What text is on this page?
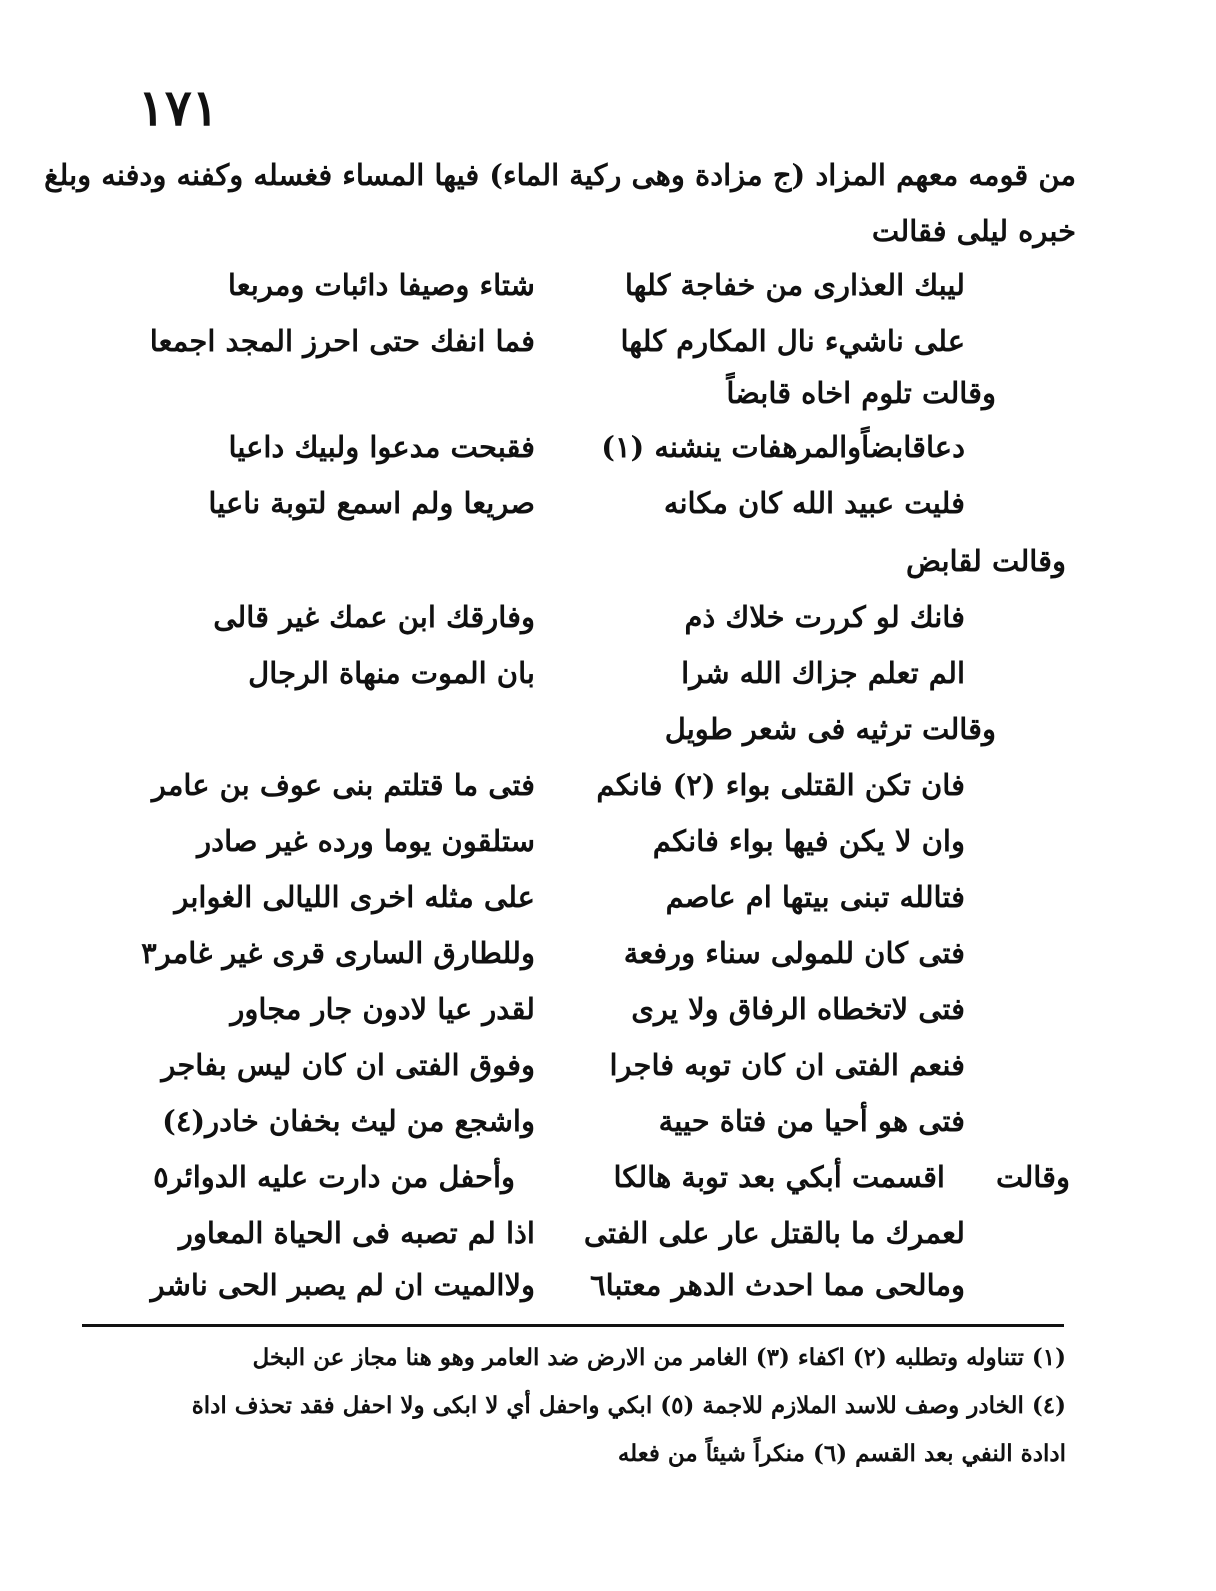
١٧١
من قومه معهم المزاد (ج مزادة وهى ركية الماء) فيها المساء فغسله وكفنه ودفنه وبلغ
خبره ليلى فقالت
ليبك العذارى من خفاجة كلها
شتاء وصيفا دائبات ومربعا
على ناشيء نال المكارم كلها
فما انفك حتى احرز المجد اجمعا
وقالت تلوم اخاه قابضاً
دعاقابضاًوالمرهفات ينشنه (١)
فقبحت مدعوا ولبيك داعيا
فليت عبيد الله كان مكانه
صريعا ولم اسمع لتوبة ناعيا
وقالت لقابض
فانك لو كررت خلاك ذم
وفارقك ابن عمك غير قالى
الم تعلم جزاك الله شرا
بان الموت منهاة الرجال
وقالت ترثيه فى شعر طويل
فان تكن القتلى بواء (٢) فانكم
فتى ما قتلتم بنى عوف بن عامر
وان لا يكن فيها بواء فانكم
ستلقون يوما ورده غير صادر
فتالله تبنى بيتها ام عاصم
على مثله اخرى الليالى الغوابر
فتى كان للمولى سناء ورفعة
وللطارق السارى قرى غير غامر٣
فتى لاتخطاه الرفاق ولا يرى
لقدر عيا لادون جار مجاور
فنعم الفتى ان كان توبه فاجرا
وفوق الفتى ان كان ليس بفاجر
فتى هو أحيا من فتاة حيية
واشجع من ليث بخفان خادر(٤)
وقالت
اقسمت أبكي بعد توبة هالكا
وأحفل من دارت عليه الدوائر٥
لعمرك ما بالقتل عار على الفتى
اذا لم تصبه فى الحياة المعاور
ومالحى مما احدث الدهر معتبا٦
ولاالميت ان لم يصبر الحى ناشر
(١) تتناوله وتطلبه (٢) اكفاء (٣) الغامر من الارض ضد العامر وهو هنا مجاز عن البخل
(٤) الخادر وصف للاسد الملازم للاجمة (٥) ابكي واحفل أي لا ابكى ولا احفل فقد تحذف اداة
ادادة النفي بعد القسم (٦) منكراً شيئاً من فعله
